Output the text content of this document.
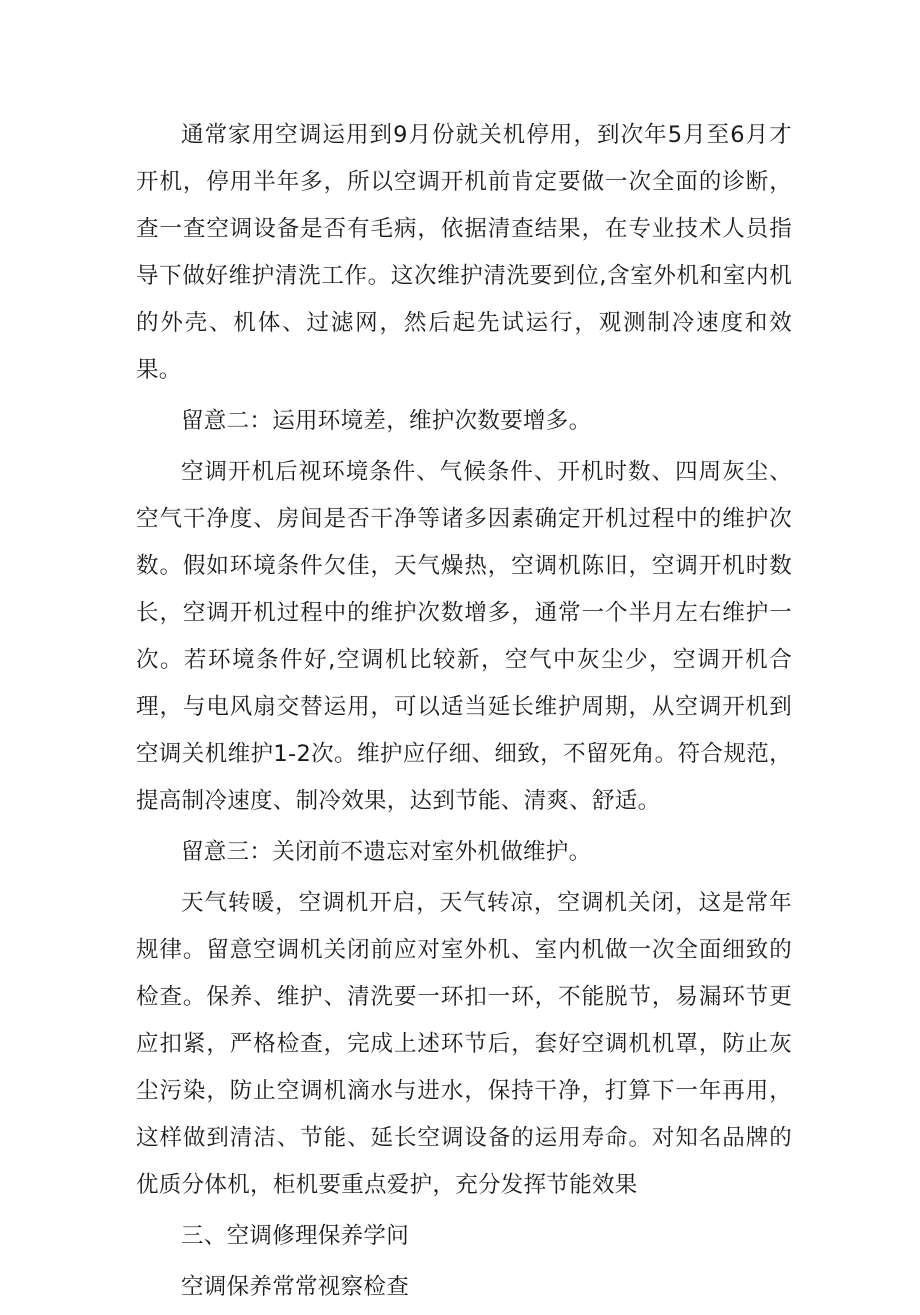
通常家用空调运用到9月份就关机停用，到次年5月至6月才开机，停用半年多，所以空调开机前肯定要做一次全面的诊断，查一查空调设备是否有毛病，依据清查结果，在专业技术人员指导下做好维护清洗工作。这次维护清洗要到位,含室外机和室内机的外壳、机体、过滤网，然后起先试运行，观测制冷速度和效果。

留意二：运用环境差，维护次数要增多。

空调开机后视环境条件、气候条件、开机时数、四周灰尘、空气干净度、房间是否干净等诸多因素确定开机过程中的维护次数。假如环境条件欠佳，天气燥热，空调机陈旧，空调开机时数长，空调开机过程中的维护次数增多，通常一个半月左右维护一次。若环境条件好,空调机比较新，空气中灰尘少，空调开机合理，与电风扇交替运用，可以适当延长维护周期，从空调开机到空调关机维护1-2次。维护应仔细、细致，不留死角。符合规范，提高制冷速度、制冷效果，达到节能、清爽、舒适。

留意三：关闭前不遗忘对室外机做维护。

天气转暖，空调机开启，天气转凉，空调机关闭，这是常年规律。留意空调机关闭前应对室外机、室内机做一次全面细致的检查。保养、维护、清洗要一环扣一环，不能脱节，易漏环节更应扣紧，严格检查，完成上述环节后，套好空调机机罩，防止灰尘污染，防止空调机滴水与进水，保持干净，打算下一年再用，这样做到清洁、节能、延长空调设备的运用寿命。对知名品牌的优质分体机，柜机要重点爱护，充分发挥节能效果

三、空调修理保养学问

空调保养常常视察检查
